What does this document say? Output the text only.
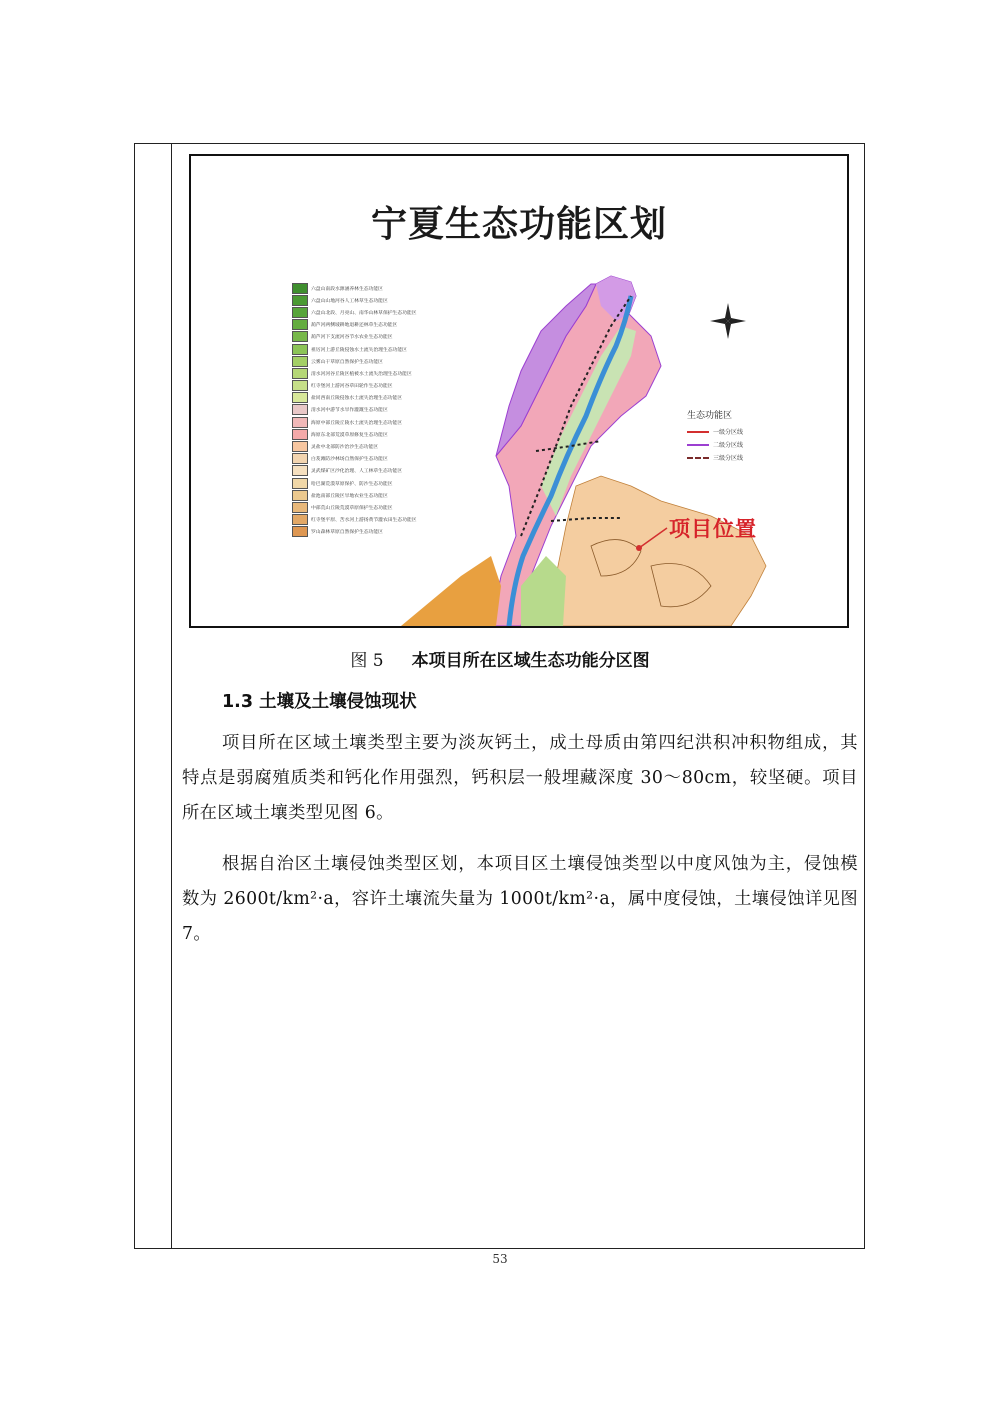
宁夏生态功能区划
六盘山南段水源涵养林生态功能区
六盘山山地河谷人工林草生态功能区
六盘山北段、月亮山、南华山林草保护生态功能区
葫芦河两侧坡耕地退耕还林草生态功能区
葫芦河下支流河谷节水农业生态功能区
祖厉河上游丘陵侵蚀水土流失治理生态功能区
云雾山干草原自然保护生态功能区
清水河河谷丘陵区植被水土流失治理生态功能区
红寺堡河上游河谷草田轮作生态功能区
盐同西南丘陵侵蚀水土流失治理生态功能区
清水河中游节水旱作灌溉生态功能区
海原中部丘陵丘陵水土流失治理生态功能区
海原东北部荒漠草原修复生态功能区
灵盐中北部防沙治沙生态功能区
白芨滩防沙林场自然保护生态功能区
灵武煤矿区沙化治理、人工林草生态功能区
哈巴湖荒漠草原保护、防沙生态功能区
盐池南部丘陵区旱地农业生态功能区
中部荒山丘陵荒漠草原保护生态功能区
红寺堡平原、苦水河上游扬黄节灌农田生态功能区
罗山森林草原自然保护生态功能区
生态功能区
一级分区线
二级分区线
三级分区线
项目位置
图 5 本项目所在区域生态功能分区图
1.3 土壤及土壤侵蚀现状
项目所在区域土壤类型主要为淡灰钙土，成土母质由第四纪洪积冲积物组成，其特点是弱腐殖质类和钙化作用强烈，钙积层一般埋藏深度 30～80cm，较坚硬。项目所在区域土壤类型见图 6。
根据自治区土壤侵蚀类型区划，本项目区土壤侵蚀类型以中度风蚀为主，侵蚀模数为 2600t/km²·a，容许土壤流失量为 1000t/km²·a，属中度侵蚀，土壤侵蚀详见图 7。
53
